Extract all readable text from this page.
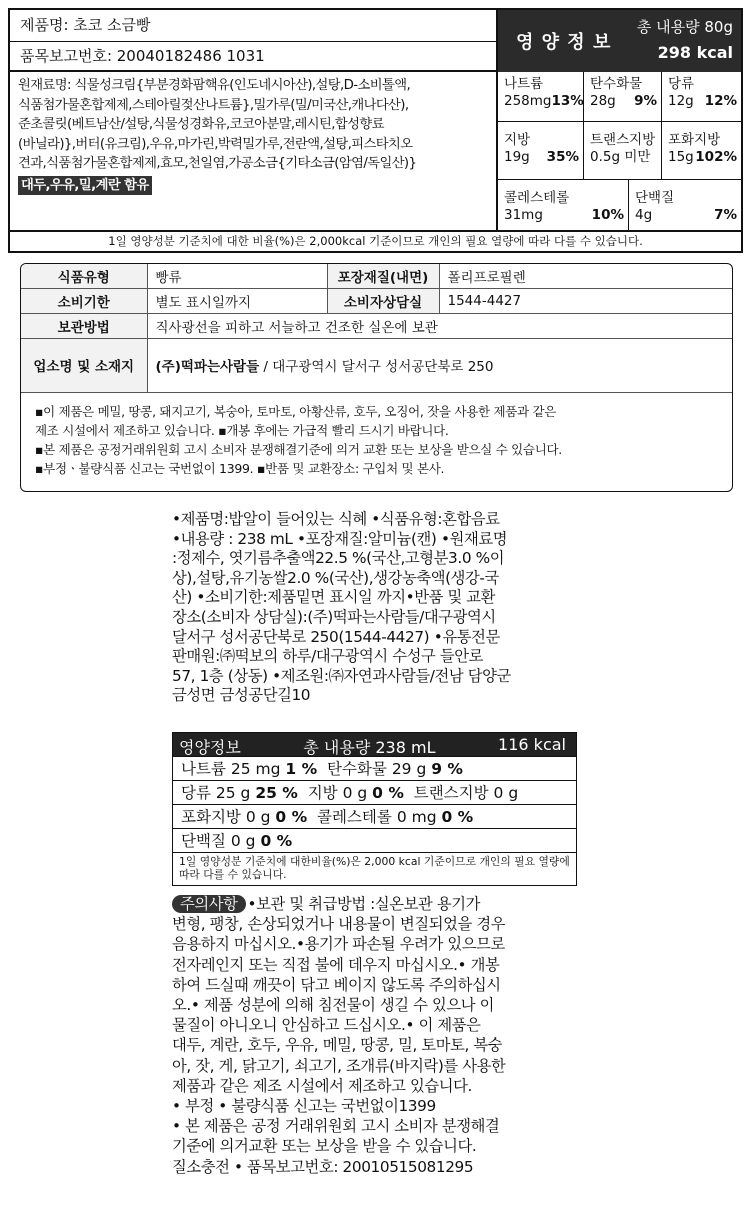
제품명: 초코 소금빵
품목보고번호: 20040182486 1031
영 양 정 보
총 내용량 80g
298 kcal
원재료명: 식물성크림{부분경화팜핵유(인도네시아산),설탕,D-소비톨액,
식품첨가물혼합제제,스테아릴젖산나트륨},밀가루(밀/미국산,캐나다산),
준초콜릿(베트남산/설탕,식물성경화유,코코아분말,레시틴,합성향료
(바닐라)},버터(유크림),우유,마가린,박력밀가루,전란액,설탕,피스타치오
견과,식품첨가물혼합제제,효모,천일염,가공소금{기타소금(암염/독일산)}
대두,우유,밀,계란 함유
나트륨
258mg 13%
탄수화물
28g 9%
당류
12g 12%
지방
19g 35%
트랜스지방
0.5g 미만
포화지방
15g 102%
콜레스테롤
31mg	10%
단백질
4g	7%
1일 영양성분 기준치에 대한 비율(%)은 2,000kcal 기준이므로 개인의 필요 열량에 따라 다를 수 있습니다.
식품유형	빵류	포장재질(내면)	폴리프로필렌
소비기한	별도 표시일까지	소비자상담실	1544-4427
보관방법	직사광선을 피하고 서늘하고 건조한 실온에 보관		
업소명 및 소재지	(주)떡파는사람들 / 대구광역시 달서구 성서공단북로 250		
▪이 제품은 메밀, 땅콩, 돼지고기, 복숭아, 토마토, 아황산류, 호두, 오징어, 잣을 사용한 제품과 같은
제조 시설에서 제조하고 있습니다. ▪개봉 후에는 가급적 빨리 드시기 바랍니다.
▪본 제품은 공정거래위원회 고시 소비자 분쟁해결기준에 의거 교환 또는 보상을 받으실 수 있습니다.
▪부정ㆍ불량식품 신고는 국번없이 1399. ▪반품 및 교환장소: 구입처 및 본사.
•제품명:밥알이 들어있는 식혜 •식품유형:혼합음료
•내용량 : 238 mL •포장재질:알미늄(캔) •원재료명
:정제수, 엿기름추출액22.5 %(국산,고형분3.0 %이
상),설탕,유기농쌀2.0 %(국산),생강농축액(생강-국
산) •소비기한:제품밑면 표시일 까지•반품 및 교환
장소(소비자 상담실):(주)떡파는사람들/대구광역시
달서구 성서공단북로 250(1544-4427) •유통전문
판매원:㈜떡보의 하루/대구광역시 수성구 들안로
57, 1층 (상동) •제조원:㈜자연과사람들/전남 담양군
금성면 금성공단길10
영양정보	총 내용량 238 mL	116 kcal
나트륨 25 mg 1 % 탄수화물 29 g 9 %
당류 25 g 25 % 지방 0 g 0 % 트랜스지방 0 g
포화지방 0 g 0 % 콜레스테롤 0 mg 0 %
단백질 0 g 0 %
1일 영양성분 기준치에 대한비율(%)은 2,000 kcal 기준이므로 개인의 필요 열량에 따라 다를 수 있습니다.
주의사항 •보관 및 취급방법 :실온보관 용기가
변형, 팽창, 손상되었거나 내용물이 변질되었을 경우
음용하지 마십시오.•용기가 파손될 우려가 있으므로
전자레인지 또는 직접 불에 데우지 마십시오.• 개봉
하여 드실때 깨끗이 닦고 베이지 않도록 주의하십시
오.• 제품 성분에 의해 침전물이 생길 수 있으나 이
물질이 아니오니 안심하고 드십시오.• 이 제품은
대두, 계란, 호두, 우유, 메밀, 땅콩, 밀, 토마토, 복숭
아, 잣, 게, 닭고기, 쇠고기, 조개류(바지락)를 사용한
제품과 같은 제조 시설에서 제조하고 있습니다.
• 부정 • 불량식품 신고는 국번없이1399
• 본 제품은 공정 거래위원회 고시 소비자 분쟁해결
기준에 의거교환 또는 보상을 받을 수 있습니다.
질소충전 • 품목보고번호: 20010515081295
